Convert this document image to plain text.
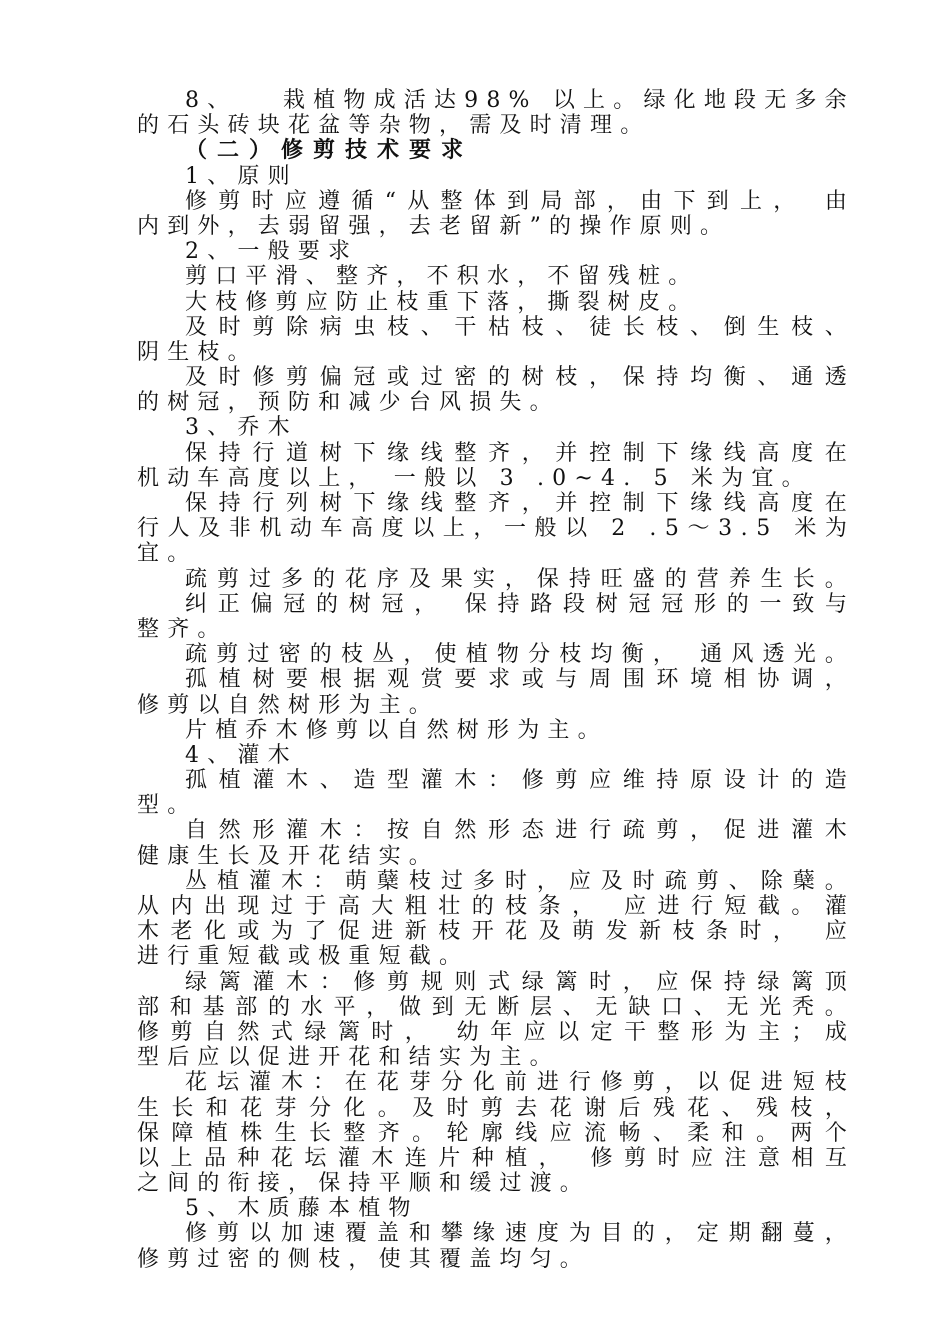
8 、

栽 植 物 成 活 达 9 8 %
以 上 。 绿 化 地 段 无 多 余
的石头砖块花盆等杂物，需及时清理。
（二）修剪技术要求
1、原则
修 剪 时 应 遵 循 “ 从 整 体 到 局 部 ， 由 下 到 上 ，
由
内到外，去弱留强，去老留新”的操作原则。
2、一般要求
剪口平滑、整齐，不积水，不留残桩。
大枝修剪应防止枝重下落，撕裂树皮。
及 时 剪 除 病 虫 枝 、 干 枯 枝 、 徒 长 枝 、 倒 生 枝 、
阴生枝。
及 时 修 剪 偏 冠 或 过 密 的 树 枝 ， 保 持 均 衡 、 通 透
的树冠，预防和减少台风损失。
3、乔木
保 持 行 道 树 下 缘 线 整 齐 ， 并 控 制 下 缘 线 高 度 在
机动车高度以上， 一般以 3 .0~4. 5 米为宜。
保 持 行 列 树 下 缘 线 整 齐 ， 并 控 制 下 缘 线 高 度 在
行 人 及 非 机 动 车 高 度 以 上 ， 一 般 以
2
. 5 ～ 3 . 5
米 为
宜。
疏 剪 过 多 的 花 序 及 果 实 ， 保 持 旺 盛 的 营 养 生 长 。
纠 正 偏 冠 的 树 冠 ，
保 持 路 段 树 冠 冠 形 的 一 致 与
整齐。
疏 剪 过 密 的 枝 丛 ， 使 植 物 分 枝 均 衡 ，
通 风 透 光 。
孤 植 树 要 根 据 观 赏 要 求 或 与 周 围 环 境 相 协 调 ，
修剪以自然树形为主。
片植乔木修剪以自然树形为主。
4、灌木
孤 植 灌 木 、 造 型 灌 木 ： 修 剪 应 维 持 原 设 计 的 造
型。
自 然 形 灌 木 ： 按 自 然 形 态 进 行 疏 剪 ， 促 进 灌 木
健康生长及开花结实。
丛 植 灌 木 ： 萌 蘖 枝 过 多 时 ， 应 及 时 疏 剪 、 除 蘖 。
从 内 出 现 过 于 高 大 粗 壮 的 枝 条 ，
应 进 行 短 截 。 灌
木 老 化 或 为 了 促 进 新 枝 开 花 及 萌 发 新 枝 条 时 ，
应
进行重短截或极重短截。
绿 篱 灌 木 ： 修 剪 规 则 式 绿 篱 时 ， 应 保 持 绿 篱 顶
部 和 基 部 的 水 平 ， 做 到 无 断 层 、 无 缺 口 、 无 光 秃 。
修 剪 自 然 式 绿 篱 时 ，
幼 年 应 以 定 干 整 形 为 主 ； 成
型后应以促进开花和结实为主。
花 坛 灌 木 ： 在 花 芽 分 化 前 进 行 修 剪 ， 以 促 进 短 枝
生 长 和 花 芽 分 化 。 及 时 剪 去 花 谢 后 残 花 、 残 枝 ，
保 障 植 株 生 长 整 齐 。 轮 廓 线 应 流 畅 、 柔 和 。 两 个
以 上 品 种 花 坛 灌 木 连 片 种 植 ，
修 剪 时 应 注 意 相 互
之间的衔接，保持平顺和缓过渡。
5、木质藤本植物
修 剪 以 加 速 覆 盖 和 攀 缘 速 度 为 目 的 ， 定 期 翻 蔓 ，
修剪过密的侧枝，使其覆盖均匀。
